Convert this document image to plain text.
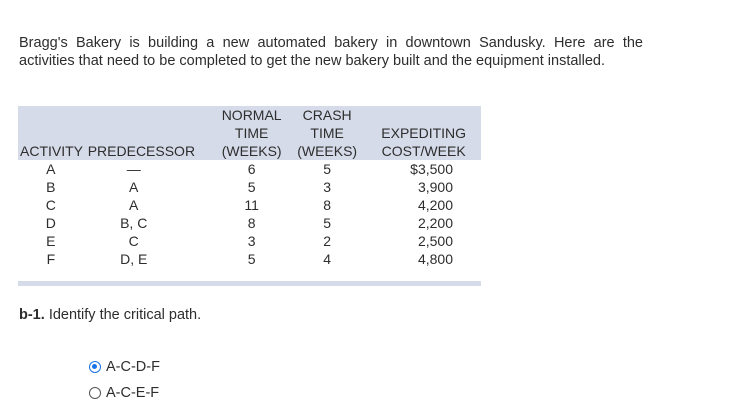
Bragg's Bakery is building a new automated bakery in downtown Sandusky. Here are the activities that need to be completed to get the new bakery built and the equipment installed.
		NORMAL	CRASH	
		TIME	TIME	EXPEDITING
ACTIVITY	PREDECESSOR	(WEEKS)	(WEEKS)	COST/WEEK
A	—	6	5	$3,500
B	A	5	3	3,900
C	A	11	8	4,200
D	B, C	8	5	2,200
E	C	3	2	2,500
F	D, E	5	4	4,800
b-1. Identify the critical path.
A-C-D-F
A-C-E-F
